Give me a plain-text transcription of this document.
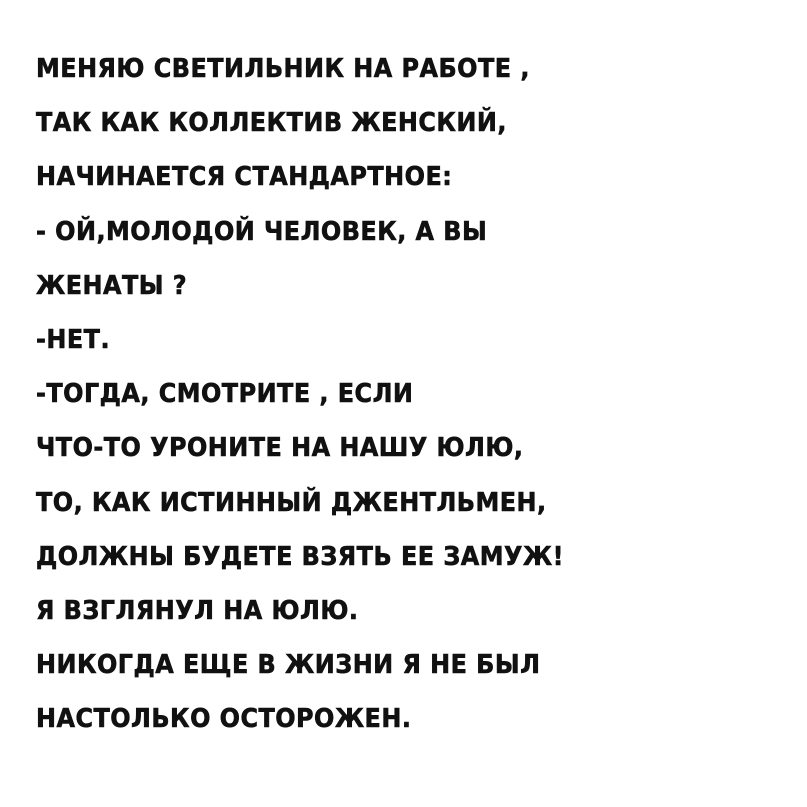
МЕНЯЮ СВЕТИЛЬНИК НА РАБОТЕ ,
ТАК КАК КОЛЛЕКТИВ ЖЕНСКИЙ,
НАЧИНАЕТСЯ СТАНДАРТНОЕ:
- ОЙ,МОЛОДОЙ ЧЕЛОВЕК, А ВЫ
ЖЕНАТЫ ?
-НЕТ.
-ТОГДА, СМОТРИТЕ , ЕСЛИ
ЧТО-ТО УРОНИТЕ НА НАШУ ЮЛЮ,
ТО, КАК ИСТИННЫЙ ДЖЕНТЛЬМЕН,
ДОЛЖНЫ БУДЕТЕ ВЗЯТЬ ЕЕ ЗАМУЖ!
Я ВЗГЛЯНУЛ НА ЮЛЮ.
НИКОГДА ЕЩЕ В ЖИЗНИ Я НЕ БЫЛ
НАСТОЛЬКО ОСТОРОЖЕН.
